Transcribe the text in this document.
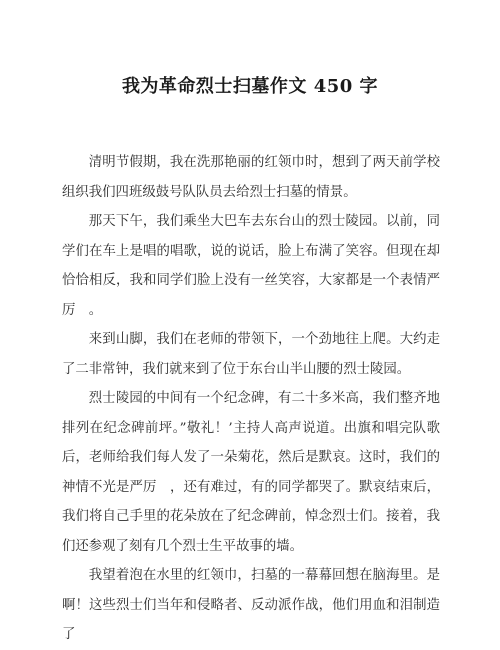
我为革命烈士扫墓作文 450 字

清明节假期，我在洗那艳丽的红领巾时，想到了两天前学校组织我们四班级鼓号队队员去给烈士扫墓的情景。

那天下午，我们乘坐大巴车去东台山的烈士陵园。以前，同学们在车上是唱的唱歌，说的说话，脸上布满了笑容。但现在却恰恰相反，我和同学们脸上没有一丝笑容，大家都是一个表情严厉　。

来到山脚，我们在老师的带领下，一个劲地往上爬。大约走了二非常钟，我们就来到了位于东台山半山腰的烈士陵园。

烈士陵园的中间有一个纪念碑，有二十多米高，我们整齐地排列在纪念碑前坪。”敬礼！’主持人高声说道。出旗和唱完队歌后，老师给我们每人发了一朵菊花，然后是默哀。这时，我们的神情不光是严厉　，还有难过，有的同学都哭了。默哀结束后，我们将自己手里的花朵放在了纪念碑前，悼念烈士们。接着，我们还参观了刻有几个烈士生平故事的墙。

我望着泡在水里的红领巾，扫墓的一幕幕回想在脑海里。是啊！这些烈士们当年和侵略者、反动派作战，他们用血和泪制造了
